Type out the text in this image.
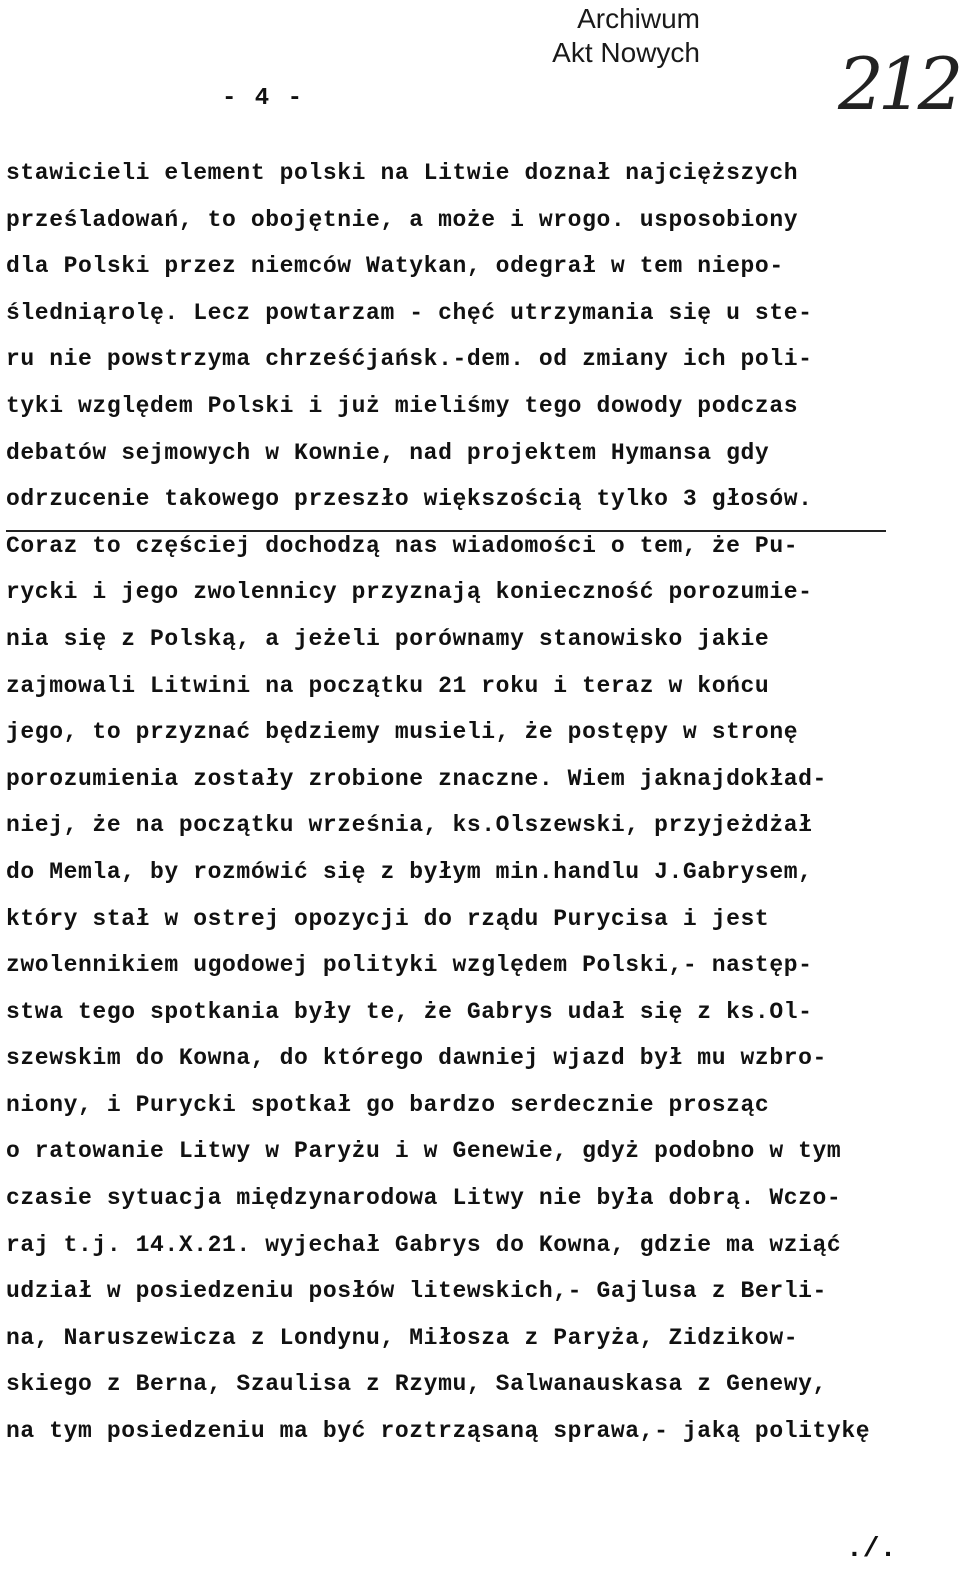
Archiwum
Akt Nowych
- 4 -	212
stawicieli element polski na Litwie doznał najcięższych
prześladowań, to obojętnie, a może i wrogo. usposobiony
dla Polski przez niemców Watykan, odegrał w tem niepo-
śledniąrolę. Lecz powtarzam - chęć utrzymania się u ste-
ru nie powstrzyma chrześćjańsk.-dem. od zmiany ich poli-
tyki względem Polski i już mieliśmy tego dowody podczas
debatów sejmowych w Kownie, nad projektem Hymansa gdy
odrzucenie takowego przeszło większością tylko 3 głosów.
Coraz to częściej dochodzą nas wiadomości o tem, że Pu-
rycki i jego zwolennicy przyznają konieczność porozumie-
nia się z Polską, a jeżeli porównamy stanowisko jakie
zajmowali Litwini na początku 21 roku i teraz w końcu
jego, to przyznać będziemy musieli, że postępy w stronę
porozumienia zostały zrobione znaczne. Wiem jaknajdokład-
niej, że na początku września, ks.Olszewski, przyjeżdżał
do Memla, by rozmówić się z byłym min.handlu J.Gabrysem,
który stał w ostrej opozycji do rządu Purycisa i jest
zwolennikiem ugodowej polityki względem Polski,- następ-
stwa tego spotkania były te, że Gabrys udał się z ks.Ol-
szewskim do Kowna, do którego dawniej wjazd był mu wzbro-
niony, i Purycki spotkał go bardzo serdecznie prosząc
o ratowanie Litwy w Paryżu i w Genewie, gdyż podobno w tym
czasie sytuacja międzynarodowa Litwy nie była dobrą. Wczo-
raj t.j. 14.X.21. wyjechał Gabrys do Kowna, gdzie ma wziąć
udział w posiedzeniu posłów litewskich,- Gajlusa z Berli-
na, Naruszewicza z Londynu, Miłosza z Paryża, Zidzikow-
skiego z Berna, Szaulisa z Rzymu, Salwanauskasa z Genewy,
na tym posiedzeniu ma być roztrząsaną sprawa,- jaką politykę
./.
